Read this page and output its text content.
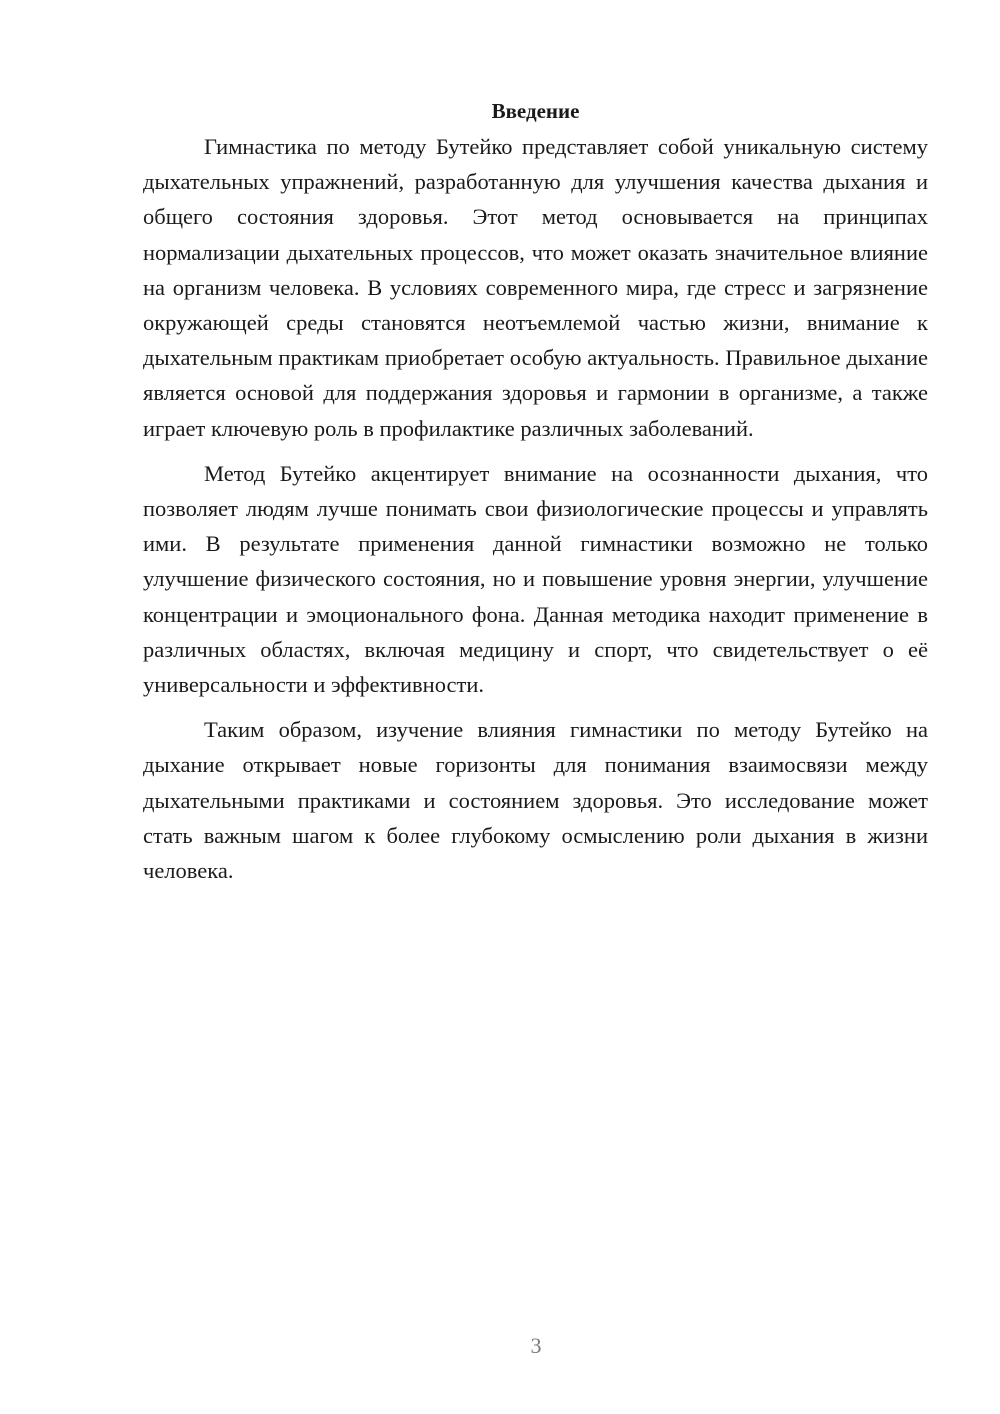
Введение

Гимнастика по методу Бутейко представляет собой уникальную систему дыхательных упражнений, разработанную для улучшения качества дыхания и общего состояния здоровья. Этот метод основывается на принципах нормализации дыхательных процессов, что может оказать значительное влияние на организм человека. В условиях современного мира, где стресс и загрязнение окружающей среды становятся неотъемлемой частью жизни, внимание к дыхательным практикам приобретает особую актуальность. Правильное дыхание является основой для поддержания здоровья и гармонии в организме, а также играет ключевую роль в профилактике различных заболеваний.

Метод Бутейко акцентирует внимание на осознанности дыхания, что позволяет людям лучше понимать свои физиологические процессы и управлять ими. В результате применения данной гимнастики возможно не только улучшение физического состояния, но и повышение уровня энергии, улучшение концентрации и эмоционального фона. Данная методика находит применение в различных областях, включая медицину и спорт, что свидетельствует о её универсальности и эффективности.

Таким образом, изучение влияния гимнастики по методу Бутейко на дыхание открывает новые горизонты для понимания взаимосвязи между дыхательными практиками и состоянием здоровья. Это исследование может стать важным шагом к более глубокому осмыслению роли дыхания в жизни человека.

3
